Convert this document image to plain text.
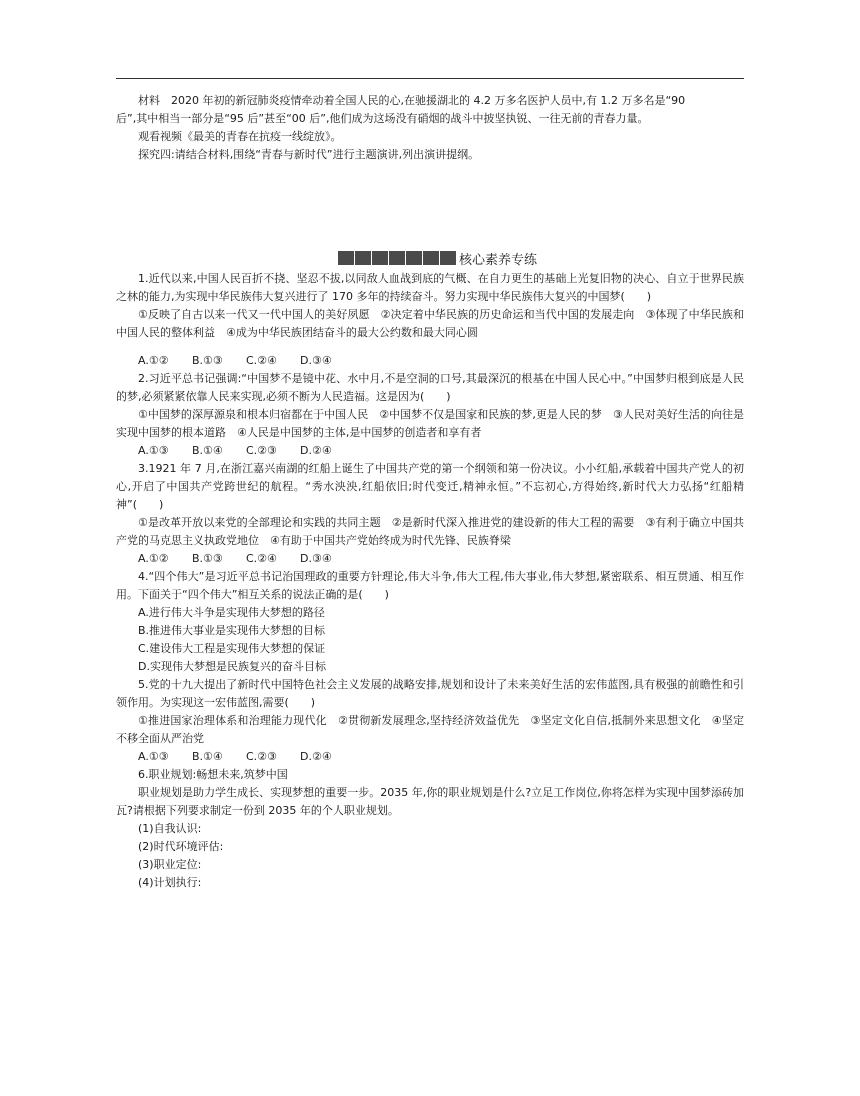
材料　2020 年初的新冠肺炎疫情牵动着全国人民的心,在驰援湖北的 4.2 万多名医护人员中,有 1.2 万多名是“90

后”,其中相当一部分是“95 后”甚至“00 后”,他们成为这场没有硝烟的战斗中披坚执锐、一往无前的青春力量。

观看视频《最美的青春在抗疫一线绽放》。

探究四:请结合材料,围绕“青春与新时代”进行主题演讲,列出演讲提纲。

核心素养专练

1.近代以来,中国人民百折不挠、坚忍不拔,以同敌人血战到底的气概、在自力更生的基础上光复旧物的决心、自立于世界民族之林的能力,为实现中华民族伟大复兴进行了 170 多年的持续奋斗。努力实现中华民族伟大复兴的中国梦(　　)

①反映了自古以来一代又一代中国人的美好夙愿　②决定着中华民族的历史命运和当代中国的发展走向　③体现了中华民族和中国人民的整体利益　④成为中华民族团结奋斗的最大公约数和最大同心圆

A.①② B.①③ C.②④ D.③④

2.习近平总书记强调:“中国梦不是镜中花、水中月,不是空洞的口号,其最深沉的根基在中国人民心中。”中国梦归根到底是人民的梦,必须紧紧依靠人民来实现,必须不断为人民造福。这是因为(　　)

①中国梦的深厚源泉和根本归宿都在于中国人民　②中国梦不仅是国家和民族的梦,更是人民的梦　③人民对美好生活的向往是实现中国梦的根本道路　④人民是中国梦的主体,是中国梦的创造者和享有者

A.①③ B.①④ C.②③ D.②④

3.1921 年 7 月,在浙江嘉兴南湖的红船上诞生了中国共产党的第一个纲领和第一份决议。小小红船,承载着中国共产党人的初心,开启了中国共产党跨世纪的航程。“秀水泱泱,红船依旧;时代变迁,精神永恒。”不忘初心,方得始终,新时代大力弘扬“红船精神”(　　)

①是改革开放以来党的全部理论和实践的共同主题　②是新时代深入推进党的建设新的伟大工程的需要　③有利于确立中国共产党的马克思主义执政党地位　④有助于中国共产党始终成为时代先锋、民族脊梁

A.①② B.①③ C.②④ D.③④

4.“四个伟大”是习近平总书记治国理政的重要方针理论,伟大斗争,伟大工程,伟大事业,伟大梦想,紧密联系、相互贯通、相互作用。下面关于“四个伟大”相互关系的说法正确的是(　　)

A.进行伟大斗争是实现伟大梦想的路径

B.推进伟大事业是实现伟大梦想的目标

C.建设伟大工程是实现伟大梦想的保证

D.实现伟大梦想是民族复兴的奋斗目标

5.党的十九大提出了新时代中国特色社会主义发展的战略安排,规划和设计了未来美好生活的宏伟蓝图,具有极强的前瞻性和引领作用。为实现这一宏伟蓝图,需要(　　)

①推进国家治理体系和治理能力现代化　②贯彻新发展理念,坚持经济效益优先　③坚定文化自信,抵制外来思想文化　④坚定不移全面从严治党

A.①③ B.①④ C.②③ D.②④

6.职业规划:畅想未来,筑梦中国

职业规划是助力学生成长、实现梦想的重要一步。2035 年,你的职业规划是什么?立足工作岗位,你将怎样为实现中国梦添砖加瓦?请根据下列要求制定一份到 2035 年的个人职业规划。

(1)自我认识:

(2)时代环境评估:

(3)职业定位:

(4)计划执行:
